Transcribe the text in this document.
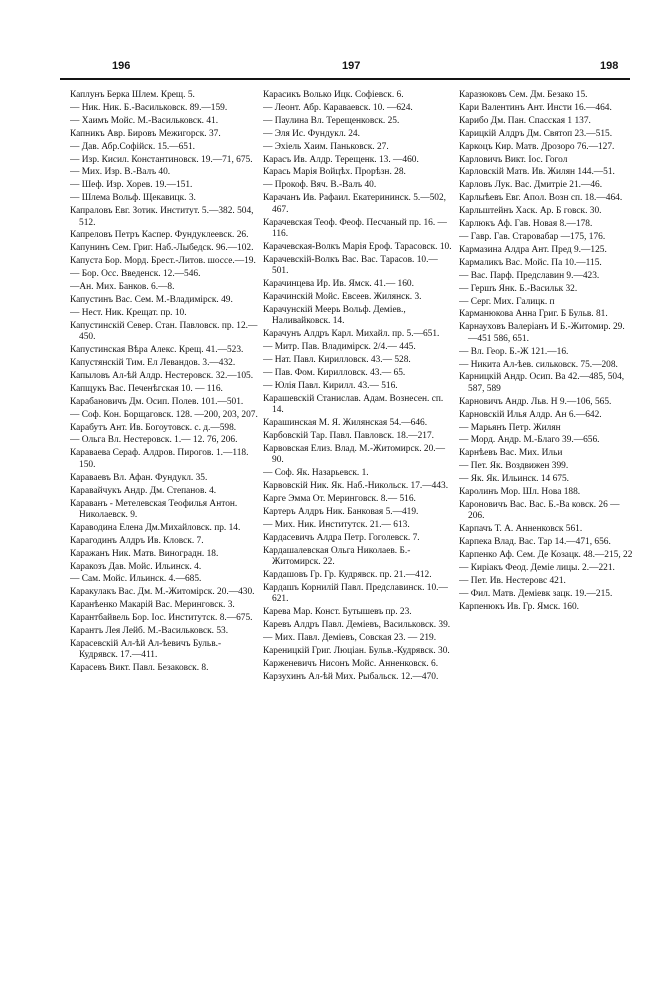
196	197	198

Каплунъ Берка Шлем. Крещ. 5.

— Ник. Ник. Б.-Васильковск. 89.—159.

— Хаимъ Мойс. М.-Васильковск. 41.

Капникъ Авр. Бировъ Межигорск. 37.

— Дав. Абр.Софійск. 15.—651.

— Изр. Кисил. Константиновск. 19.—71, 675.

— Мих. Изр. В.-Валъ 40.

— Шеф. Изр. Хорев. 19.—151.

— Шлема Вольф. Щекавицк. 3.

Капраловъ Евг. Зотик. Институт. 5.—382. 504, 512.

Капреловъ Петръ Каспер. Фундуклеевск. 26.

Капунинъ Сем. Григ. Наб.-Лыбедск. 96.—102.

Капуста Бор. Морд. Брест.-Литов. шоссе.—19.

— Бор. Осс. Введенск. 12.—546.

—Ан. Мих. Банков. 6.—8.

Капустинъ Вас. Сем. М.-Владимірск. 49.

— Нест. Ник. Крещат. пр. 10.

Капустинскій Север. Стан. Павловск. пр. 12.—450.

Капустинская Вѣра Алекс. Крещ. 41.—523.

Капустянскій Тим. Ел Левандов. 3.—432.

Капыловъ Ал-ѣй Алдр. Нестеровск. 32.—105.

Капщукъ Вас. Печенѣгская 10. — 116.

Карабановичъ Дм. Осип. Полев. 101.—501.

— Соф. Кон. Борщаговск. 128. —200, 203, 207.

Карабутъ Ант. Ив. Богоутовск. с. д.—598.

— Ольга Вл. Нестеровск. 1.— 12. 76, 206.

Караваева Сераф. Алдров. Пирогов. 1.—118. 150.

Караваевъ Вл. Афан. Фундукл. 35.

Каравайчукъ Андр. Дм. Степанов. 4.

Караванъ - Метелевская Теофилья Антон. Николаевск. 9.

Караводина Елена Дм.Михайловск. пр. 14.

Карагодинъ Алдръ Ив. Кловск. 7.

Каражанъ Ник. Матв. Виноградн. 18.

Каракозъ Дав. Мойс. Ильинск. 4.

— Сам. Мойс. Ильинск. 4.—685.

Каракулакъ Вас. Дм. М.-Житомірск. 20.—430.

Каранѣенко Макарій Вас. Меринговск. 3.

Карантбайвель Бор. Іос. Институтск. 8.—675.

Карантъ Лея Лейб. М.-Васильковск. 53.

Карасевскій Ал-ѣй Ал-ѣевичъ Бульв.-Кудрявск. 17.—411.

Карасевъ Викт. Павл. Безаковск. 8.

Карасикъ Волько Ицк. Софіевск. 6.

— Леонт. Абр. Караваевск. 10. —624.

— Паулина Вл. Терещенковск. 25.

— Эля Ис. Фундукл. 24.

— Эхіель Хаим. Паньковск. 27.

Карасъ Ив. Алдр. Терещенк. 13. —460.

Карась Марія Войцѣх. Прорѣзн. 28.

— Прокоф. Вяч. В.-Валъ 40.

Карачанъ Ив. Рафаил. Екатерининск. 5.—502, 467.

Карачевская Теоф. Феоф. Песчаный пр. 16. —116.

Карачевская-Волкъ Марія Ероф. Тарасовск. 10.

Карачевскій-Волкъ Вас. Вас. Тарасов. 10.—501.

Карачинцева Ир. Ив. Ямск. 41.— 160.

Карачинскій Мойс. Евсеев. Жилянск. 3.

Карачунскій Меерь Вольф. Деміев., Наливайковск. 14.

Карачунъ Алдръ Карл. Михайл. пр. 5.—651.

— Митр. Пав. Владимірск. 2/4.— 445.

— Нат. Павл. Кирилловск. 43.— 528.

— Пав. Фом. Кирилловск. 43.— 65.

— Юлія Павл. Кирилл. 43.— 516.

Карашевскій Станислав. Адам. Вознесен. сп. 14.

Карашинская М. Я. Жилянская 54.—646.

Карбовскій Тар. Павл. Павловск. 18.—217.

Карвовская Елиз. Влад. М.-Житомирск. 20.—90.

— Соф. Як. Назарьевск. 1.

Карвовскій Ник. Як. Наб.-Никольск. 17.—443.

Карге Эмма От. Меринговск. 8.— 516.

Картеръ Алдръ Ник. Банковая 5.—419.

— Мих. Ник. Институтск. 21.— 613.

Кардасевичъ Алдра Петр. Гоголевск. 7.

Кардашалевская Ольга Николаев. Б.-Житомирск. 22.

Кардашовъ Гр. Гр. Кудрявск. пр. 21.—412.

Кардашъ Корнилій Павл. Предславинск. 10.—621.

Карева Мар. Конст. Бутышевъ пр. 23.

Каревъ Алдръ Павл. Деміевъ, Васильковск. 39.

— Мих. Павл. Деміевъ, Совская 23. — 219.

Кареницкій Григ. Люціан. Бульв.-Кудрявск. 30.

Карженевичъ Нисонъ Мойс. Анненковск. 6.

Карзухинъ Ал-ѣй Мих. Рыбальск. 12.—470.

Каразюковъ Сем. Дм. Безако 15.

Кари Валентинъ Ант. Инсти 16.—464.

Карибо Дм. Пан. Спасская 1 137.

Карицкій Алдръ Дм. Святоп 23.—515.

Каркоцъ Кир. Матв. Дрозоро 76.—127.

Карловичъ Викт. Іос. Гогол

Карловскій Матв. Ив. Жилян 144.—51.

Карловъ Лук. Вас. Дмитріе 21.—46.

Карлыѣевъ Евг. Апол. Возн сп. 18.—464.

Карльштейнъ Хаск. Ар. Б говск. 30.

Карлюкъ Аф. Гав. Новая 8.—178.

— Гавр. Гав. Старовабар —175, 176.

Кармазина Алдра Ант. Пред 9.—125.

Кармаликъ Вас. Мойс. Па 10.—115.

— Вас. Парф. Предславин 9.—423.

— Гершъ Янк. Б.-Васильк 32.

— Серг. Мих. Галицк. п

Карманюкова Анна Григ. Б Бульв. 81.

Карнауховъ Валеріанъ И Б.-Житомир. 29.—451 586, 651.

— Вл. Геор. Б.-Ж 121.—16.

— Никита Ал-ѣев. сильковск. 75.—208.

Карницкій Андр. Осип. Ва 42.—485, 504, 587, 589

Карновичъ Андр. Льв. Н 9.—106, 565.

Карновскій Илья Алдр. Ан 6.—642.

— Марьянъ Петр. Жилян

— Морд. Андр. М.-Благо 39.—656.

Карнѣевъ Вас. Мих. Ильи

— Пет. Як. Воздвижен 399.

— Як. Як. Ильинск. 14 675.

Каролинъ Мор. Шл. Нова 188.

Кароновичъ Вас. Вас. Б.-Ва ковск. 26 — 206.

Карпачъ Т. А. Анненковск 561.

Карпека Влад. Вас. Тар 14.—471, 656.

Карпенко Аф. Сем. Де Козацк. 48.—215, 22

— Киріакъ Феод. Деміе лицы. 2.—221.

— Пет. Ив. Нестеровс 421.

— Фил. Матв. Деміевк зацк. 19.—215.

Карпенюкъ Ив. Гр. Ямск. 160.
